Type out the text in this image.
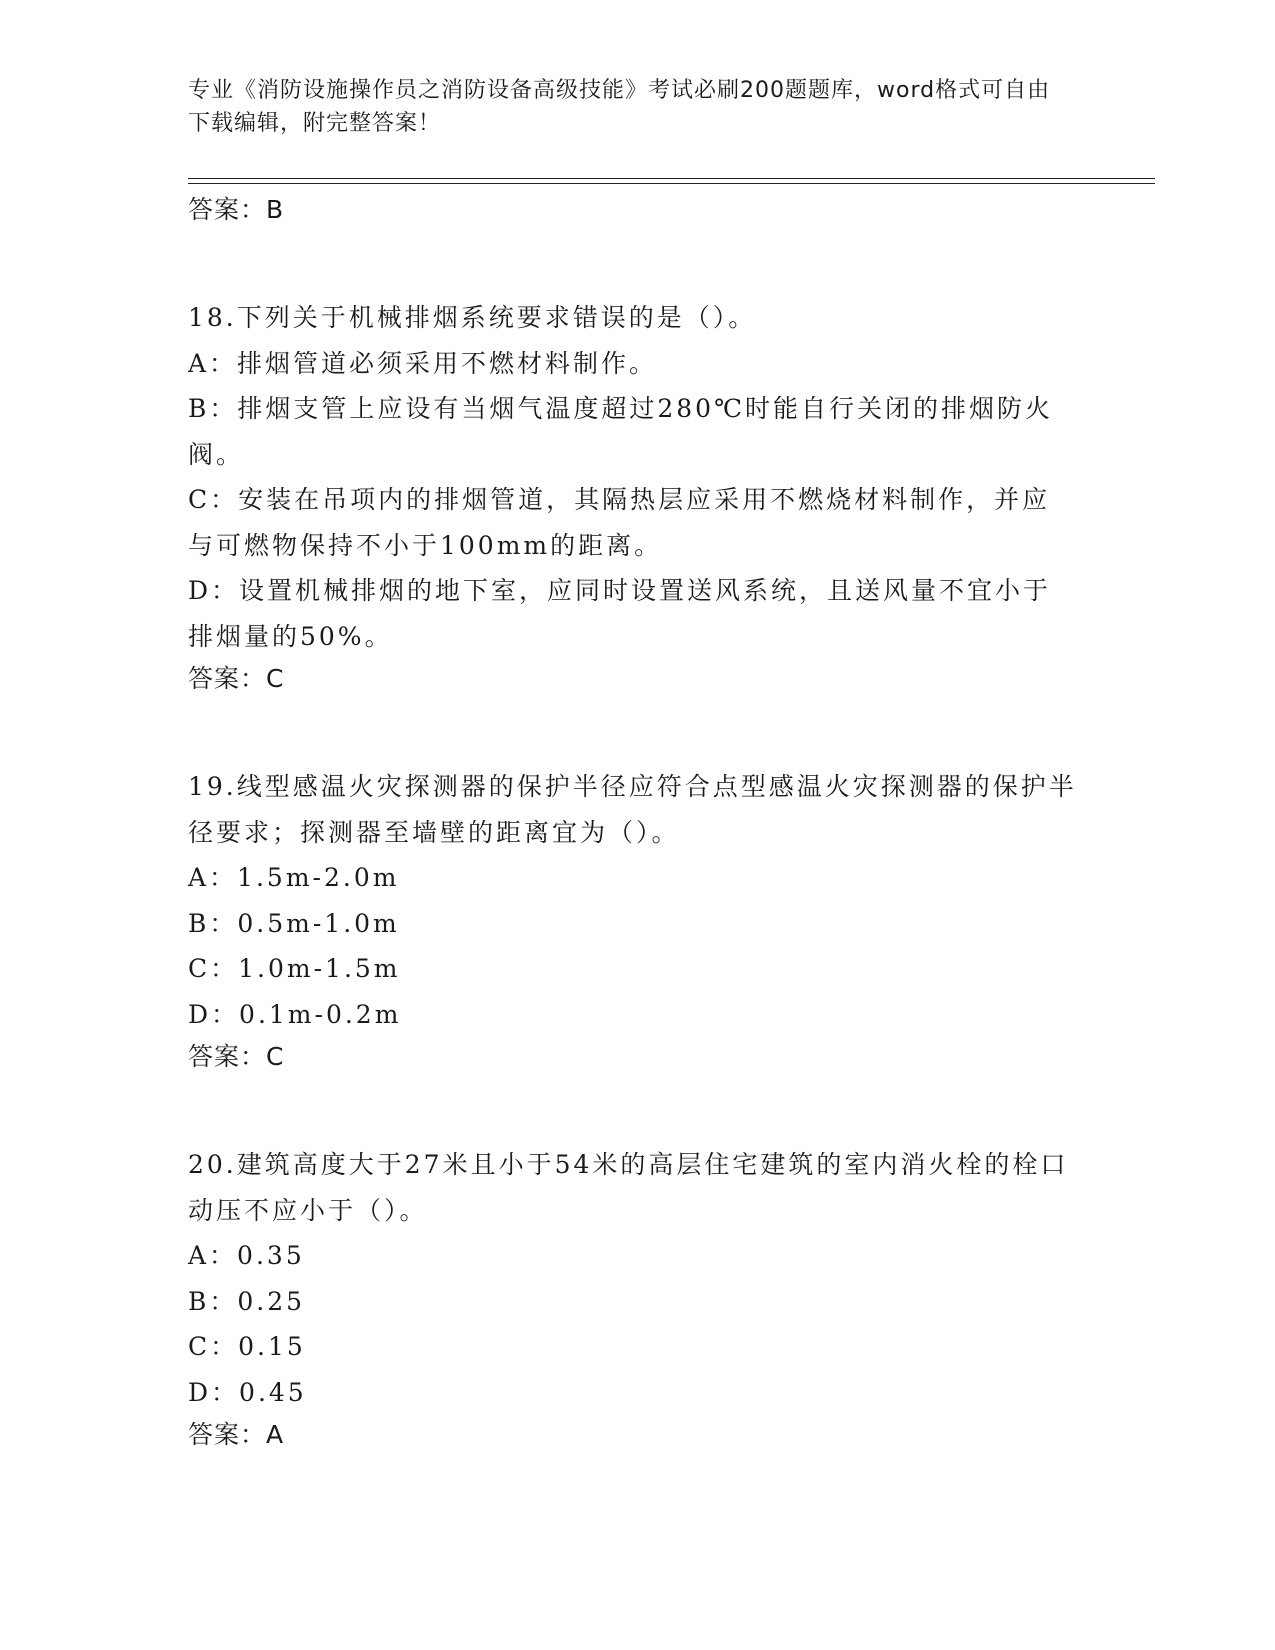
专业《消防设施操作员之消防设备高级技能》考试必刷200题题库，word格式可自由下载编辑，附完整答案！

答案：B

18.下列关于机械排烟系统要求错误的是（）。

A：排烟管道必须采用不燃材料制作。

B：排烟支管上应设有当烟气温度超过280℃时能自行关闭的排烟防火阀。

C：安装在吊项内的排烟管道，其隔热层应采用不燃烧材料制作，并应与可燃物保持不小于100mm的距离。

D：设置机械排烟的地下室，应同时设置送风系统，且送风量不宜小于排烟量的50%。

答案：C

19.线型感温火灾探测器的保护半径应符合点型感温火灾探测器的保护半径要求；探测器至墙壁的距离宜为（）。

A：1.5m-2.0m

B：0.5m-1.0m

C：1.0m-1.5m

D：0.1m-0.2m

答案：C

20.建筑高度大于27米且小于54米的高层住宅建筑的室内消火栓的栓口动压不应小于（）。

A：0.35

B：0.25

C：0.15

D：0.45

答案：A
